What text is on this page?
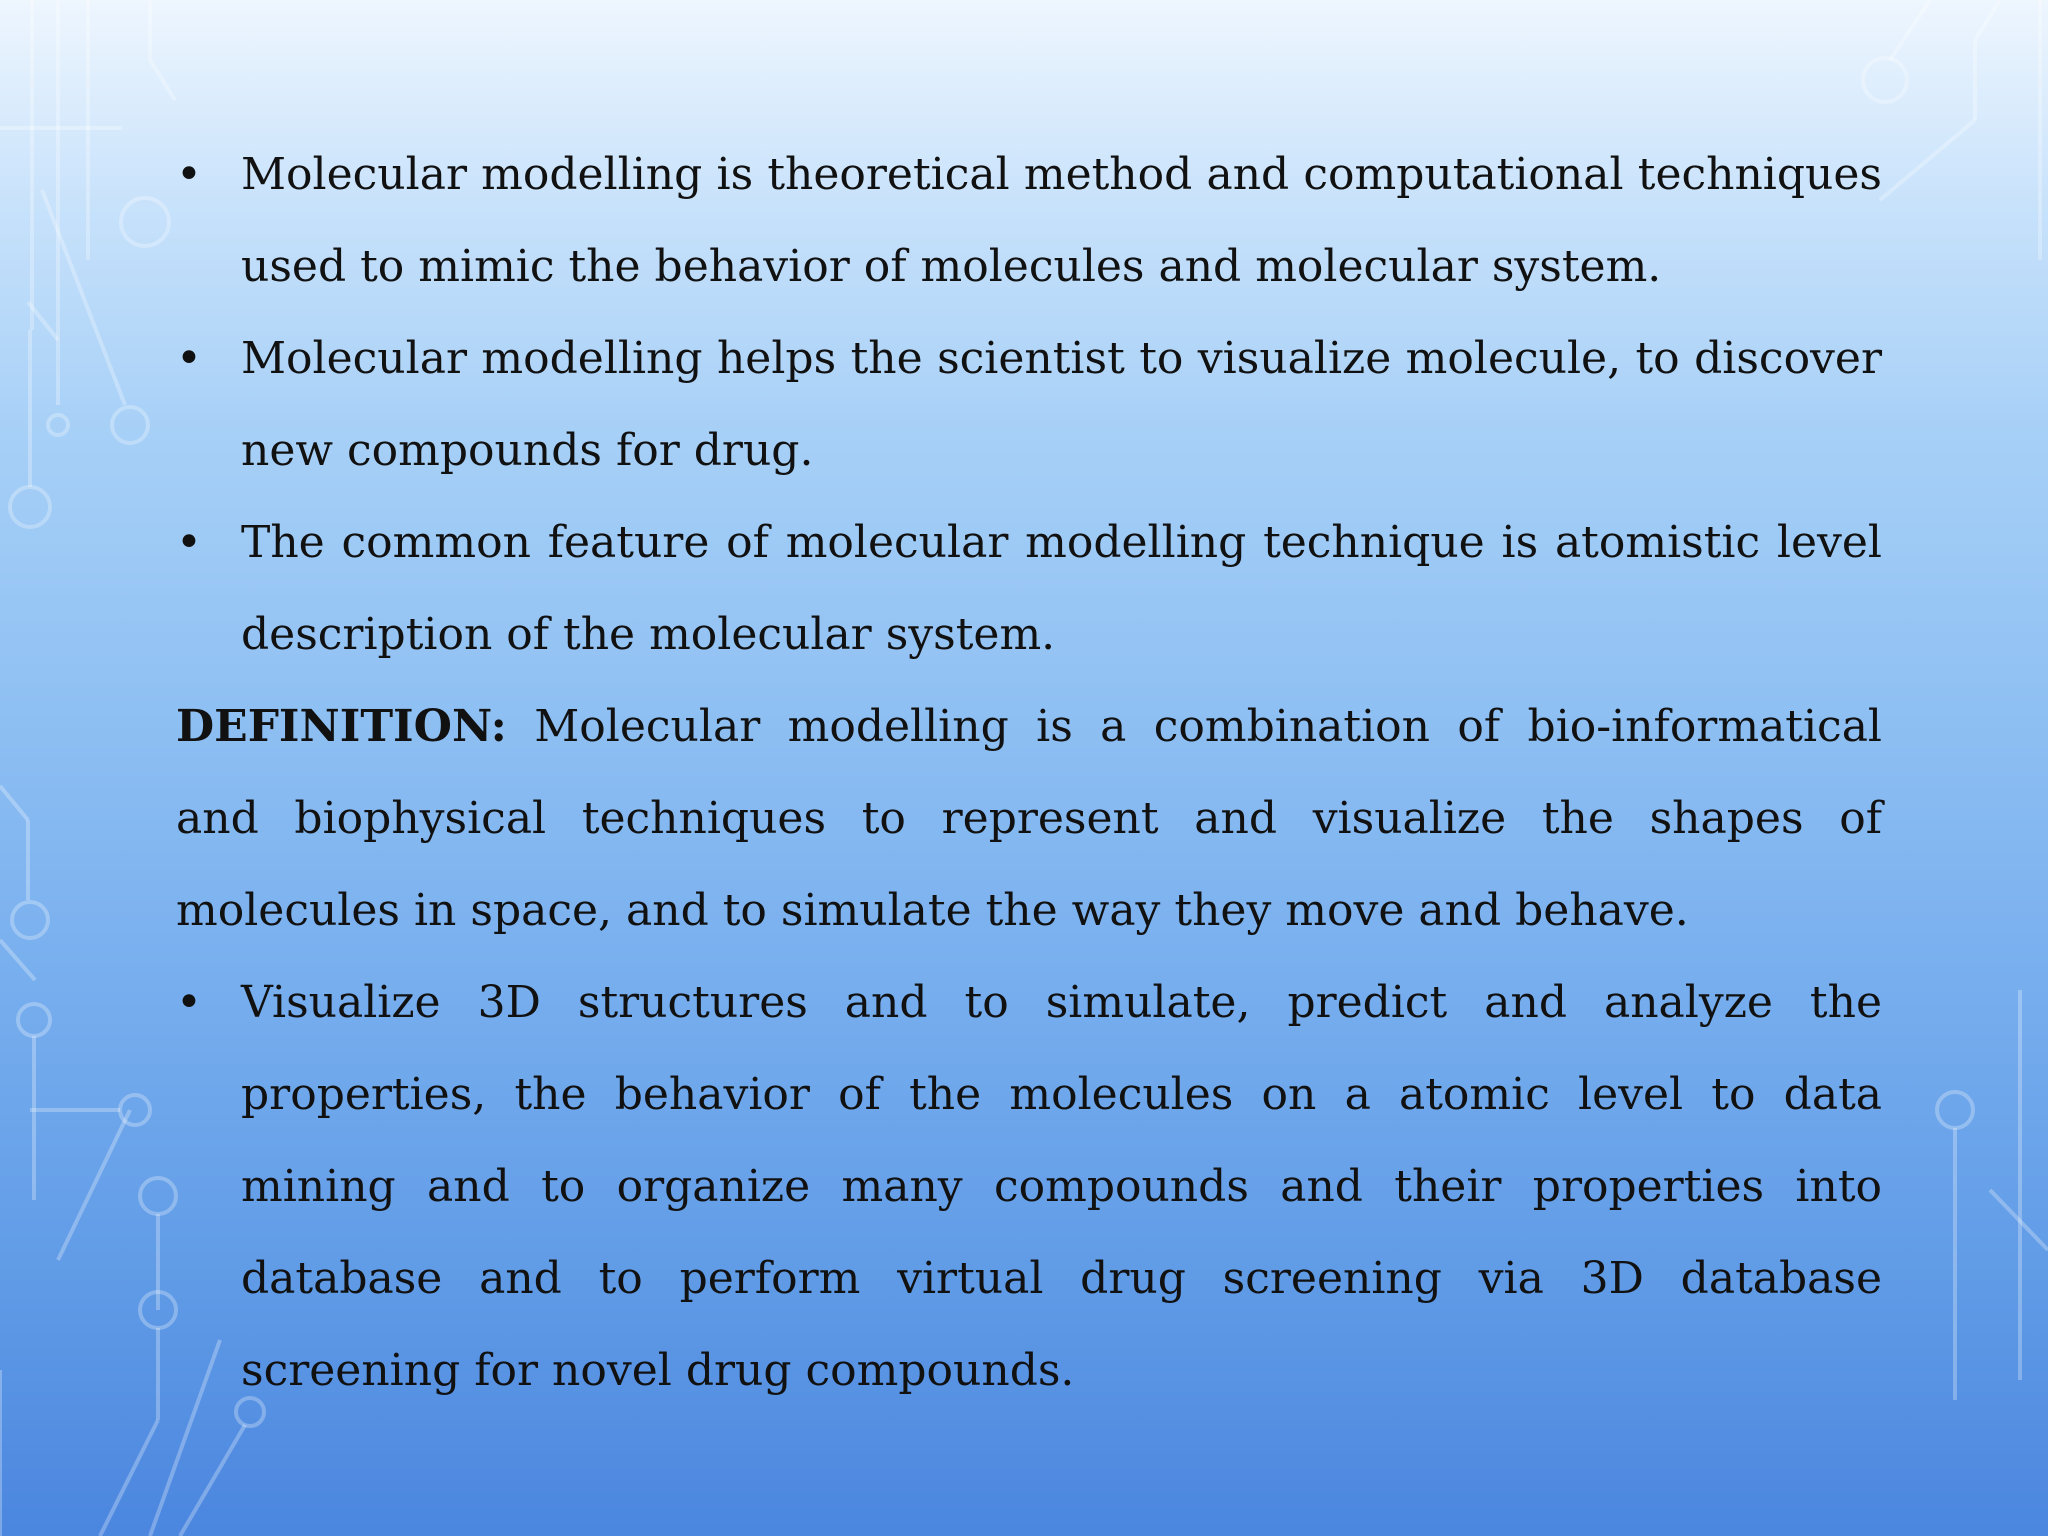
• Molecular modelling is theoretical method and computational techniques used to mimic the behavior of molecules and molecular system.
• Molecular modelling helps the scientist to visualize molecule, to discover new compounds for drug.
• The common feature of molecular modelling technique is atomistic level description of the molecular system.
DEFINITION: Molecular modelling is a combination of bio-informatical and biophysical techniques to represent and visualize the shapes of molecules in space, and to simulate the way they move and behave.
• Visualize 3D structures and to simulate, predict and analyze the properties, the behavior of the molecules on a atomic level to data mining and to organize many compounds and their properties into database and to perform virtual drug screening via 3D database screening for novel drug compounds.
